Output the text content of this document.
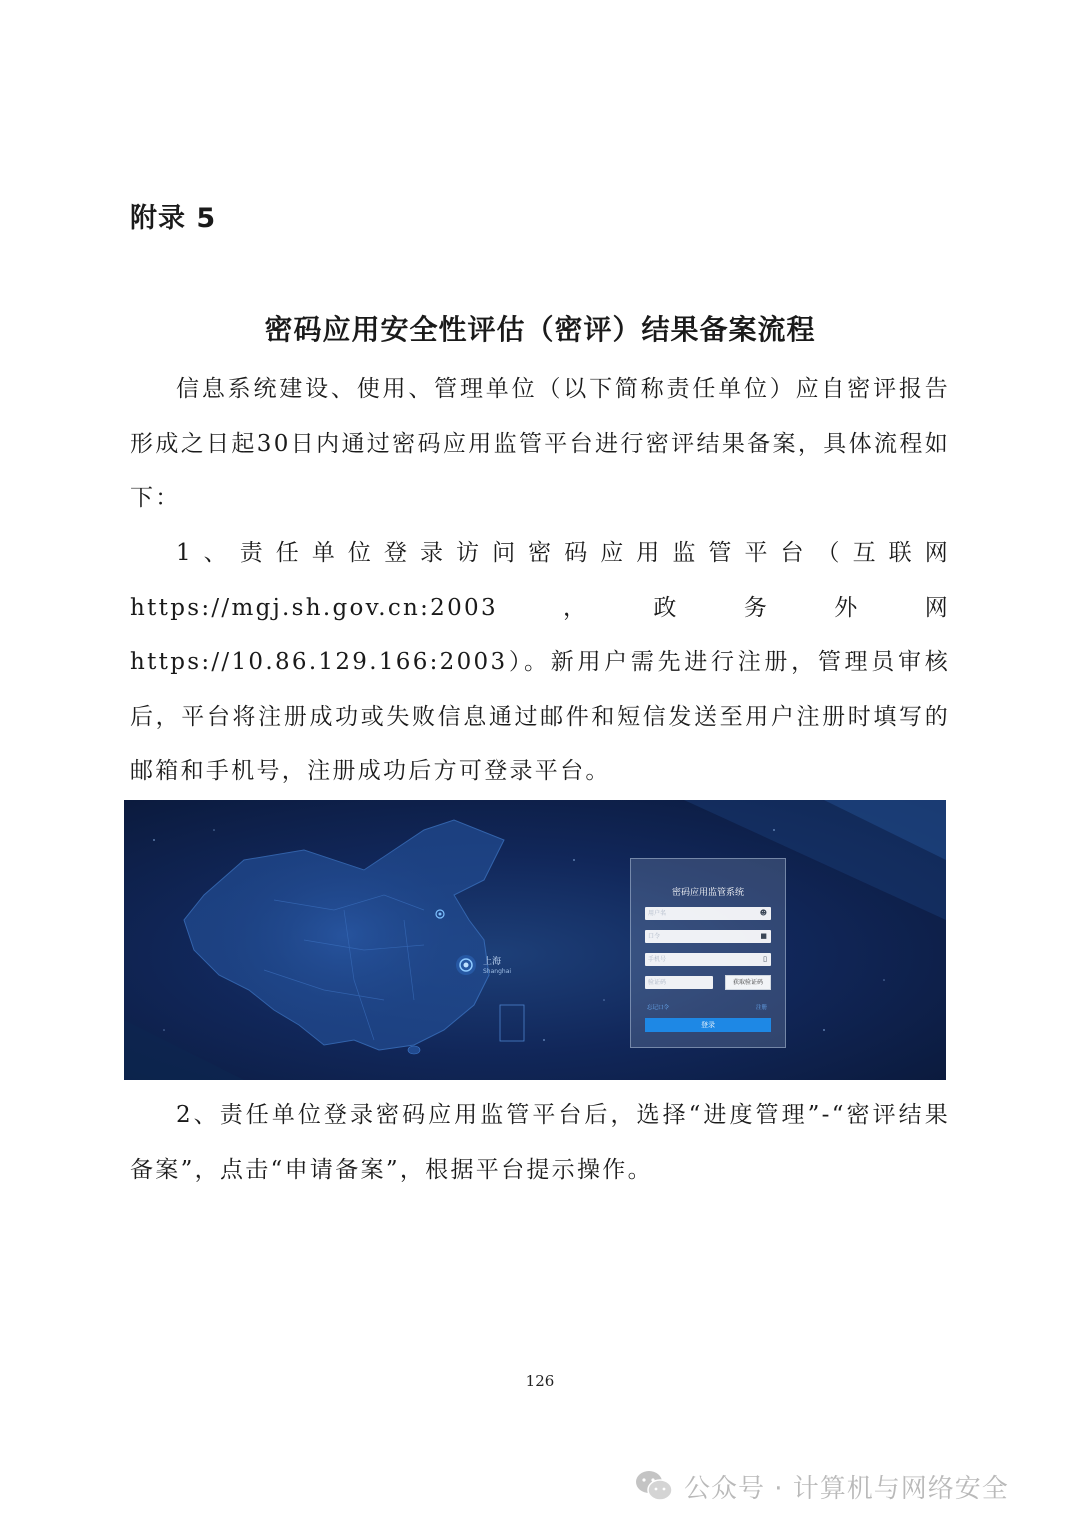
附录 5
密码应用安全性评估（密评）结果备案流程

信息系统建设、使用、管理单位（以下简称责任单位）应自密评报告形成之日起30日内通过密码应用监管平台进行密评结果备案，具体流程如下：

1、责任单位登录访问密码应用监管平台（互联网https://mgj.sh.gov.cn:2003，政务外网https://10.86.129.166:2003）。新用户需先进行注册，管理员审核后，平台将注册成功或失败信息通过邮件和短信发送至用户注册时填写的邮箱和手机号，注册成功后方可登录平台。

上海
Shanghai
密码应用监管系统
用户名	☻
口令	■
手机号	▯
验证码	获取验证码
忘记口令	注册
登录

2、责任单位登录密码应用监管平台后，选择“进度管理”-“密评结果备案”，点击“申请备案”，根据平台提示操作。

126
公众号 · 计算机与网络安全
